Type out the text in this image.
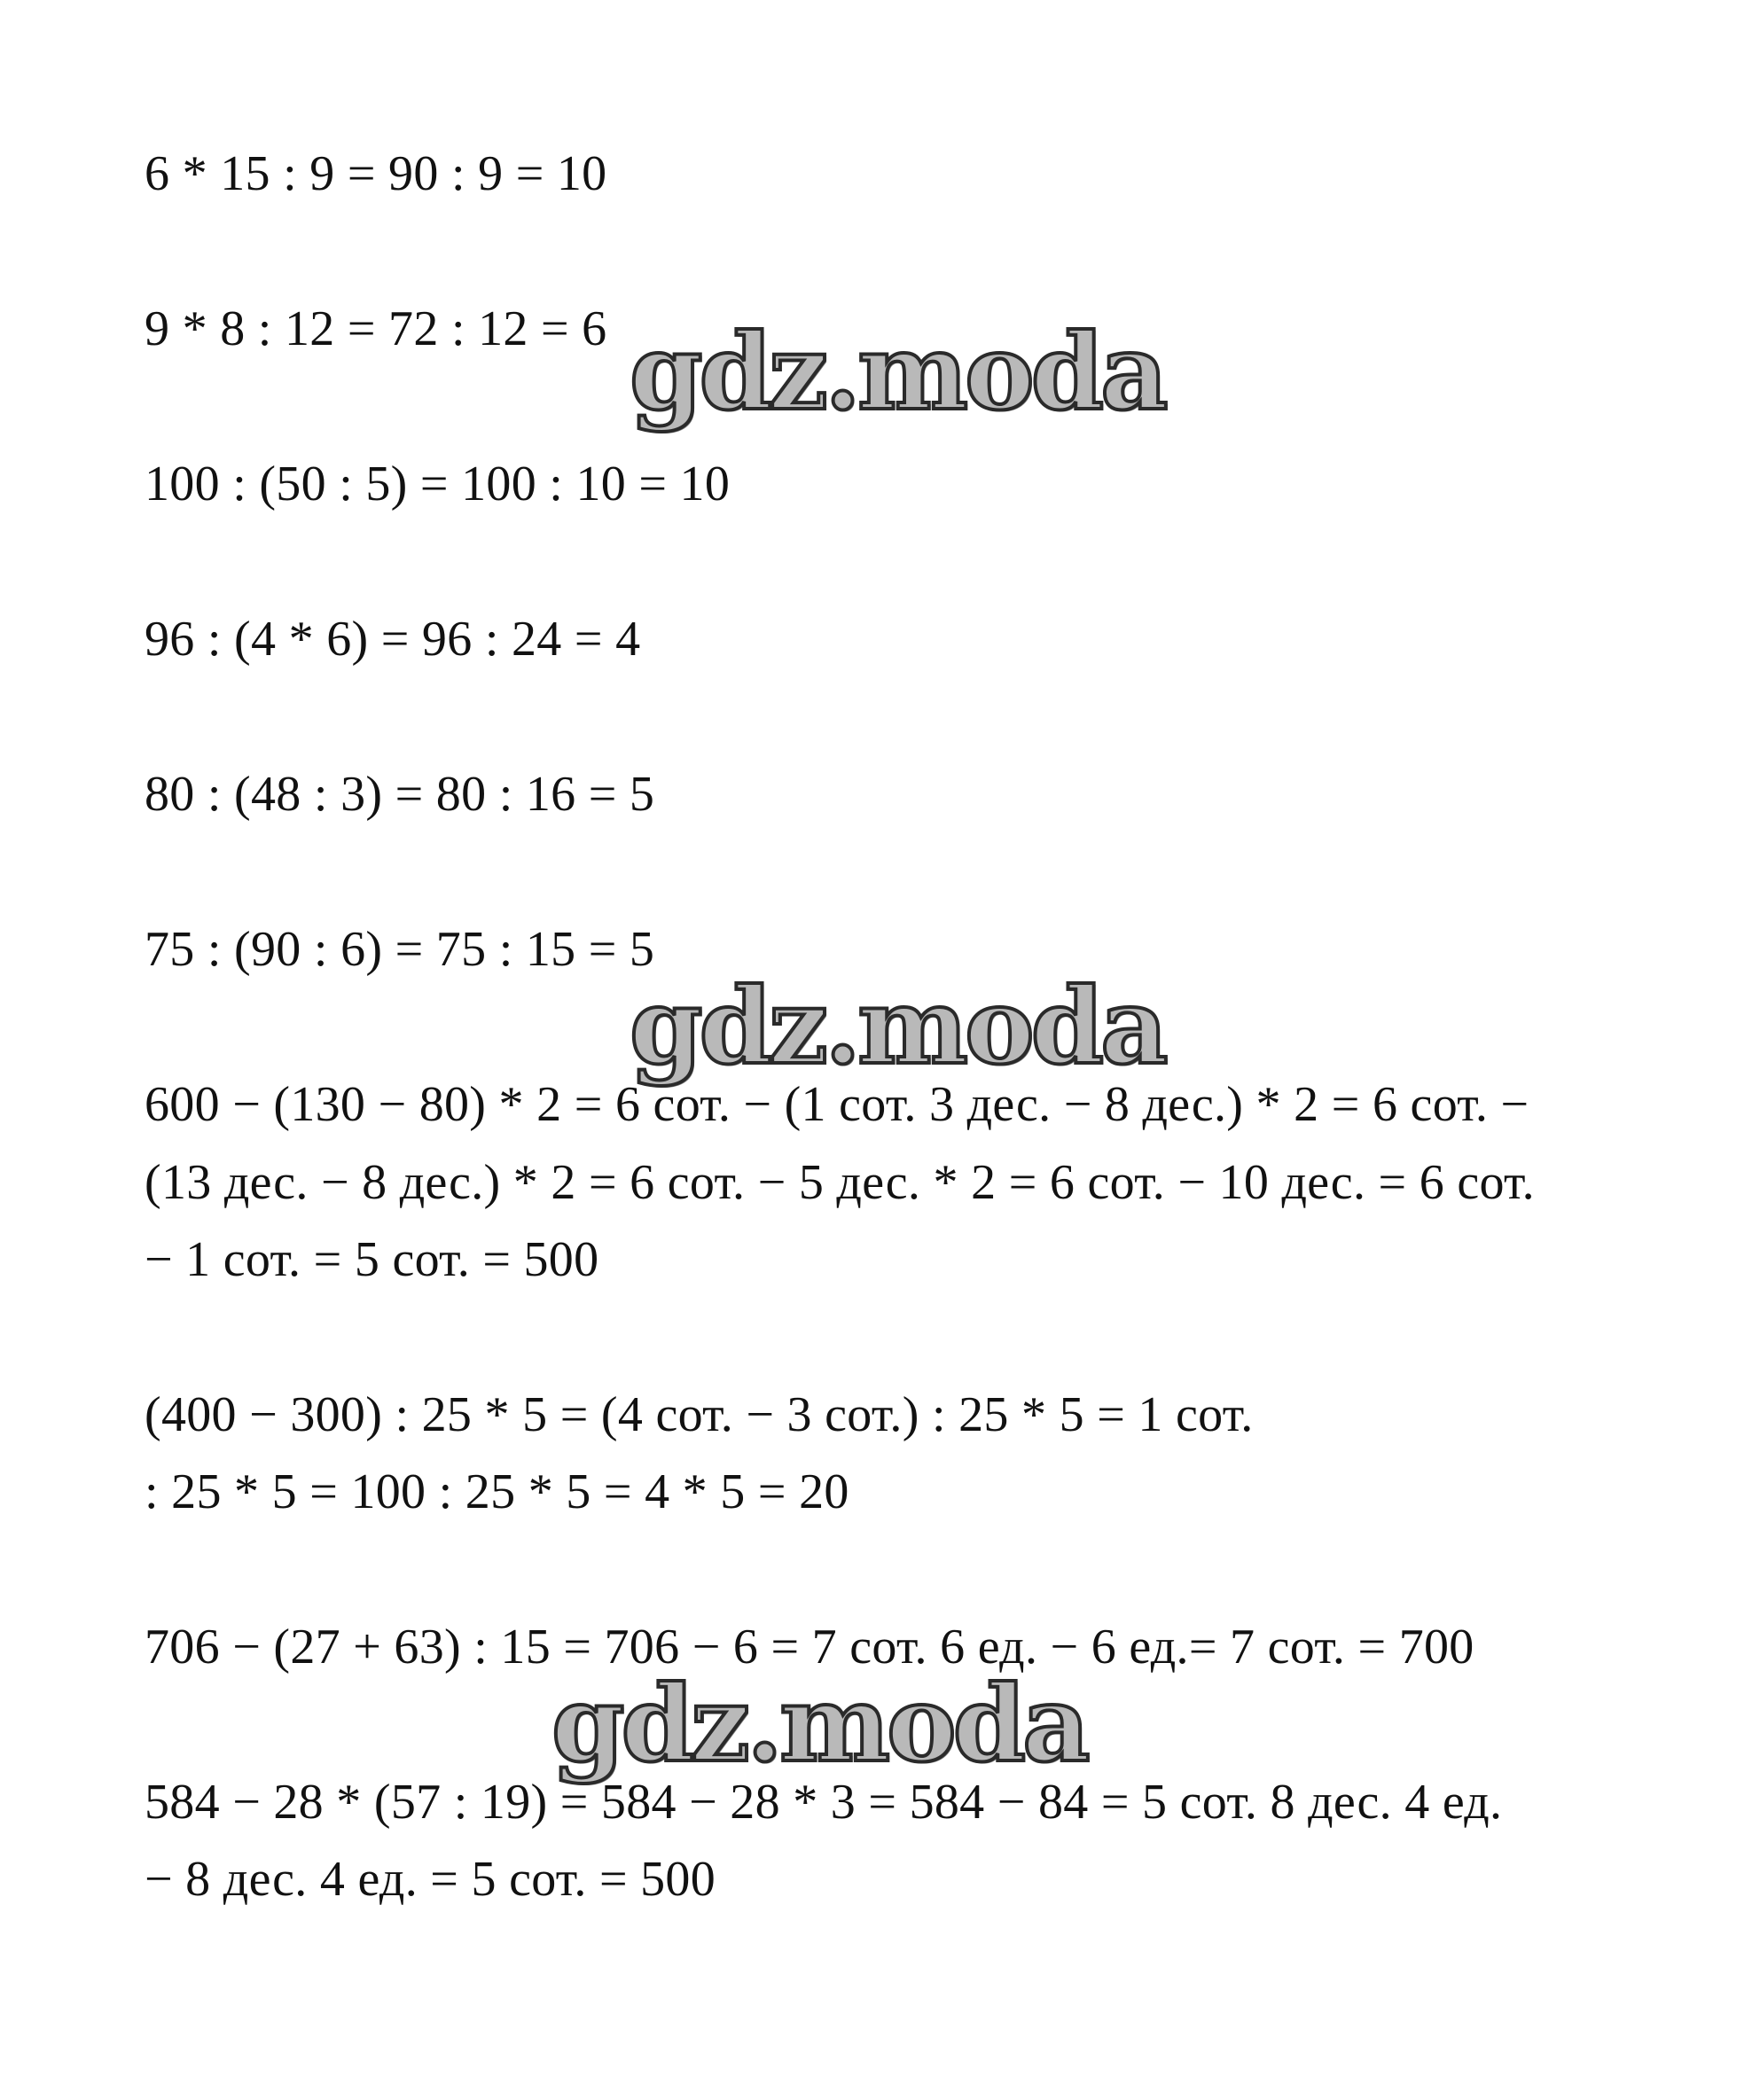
6 * 15 : 9 = 90 : 9 = 10
9 * 8 : 12 = 72 : 12 = 6
100 : (50 : 5) = 100 : 10 = 10
96 : (4 * 6) = 96 : 24 = 4
80 : (48 : 3) = 80 : 16 = 5
75 : (90 : 6) = 75 : 15 = 5
600 − (130 − 80) * 2 = 6 сот. − (1 сот. 3 дес. − 8 дес.) * 2 = 6 сот. −
(13 дес. − 8 дес.) * 2 = 6 сот. − 5 дес. * 2 = 6 сот. − 10 дес. = 6 сот.
− 1 сот. = 5 сот. = 500
(400 − 300) : 25 * 5 = (4 сот. − 3 сот.) : 25 * 5 = 1 сот.
: 25 * 5 = 100 : 25 * 5 = 4 * 5 = 20
706 − (27 + 63) : 15 = 706 − 6 = 7 сот. 6 ед. − 6 ед.= 7 сот. = 700
584 − 28 * (57 : 19) = 584 − 28 * 3 = 584 − 84 = 5 сот. 8 дес. 4 ед.
− 8 дес. 4 ед. = 5 сот. = 500
gdz.moda
gdz.moda
gdz.moda
